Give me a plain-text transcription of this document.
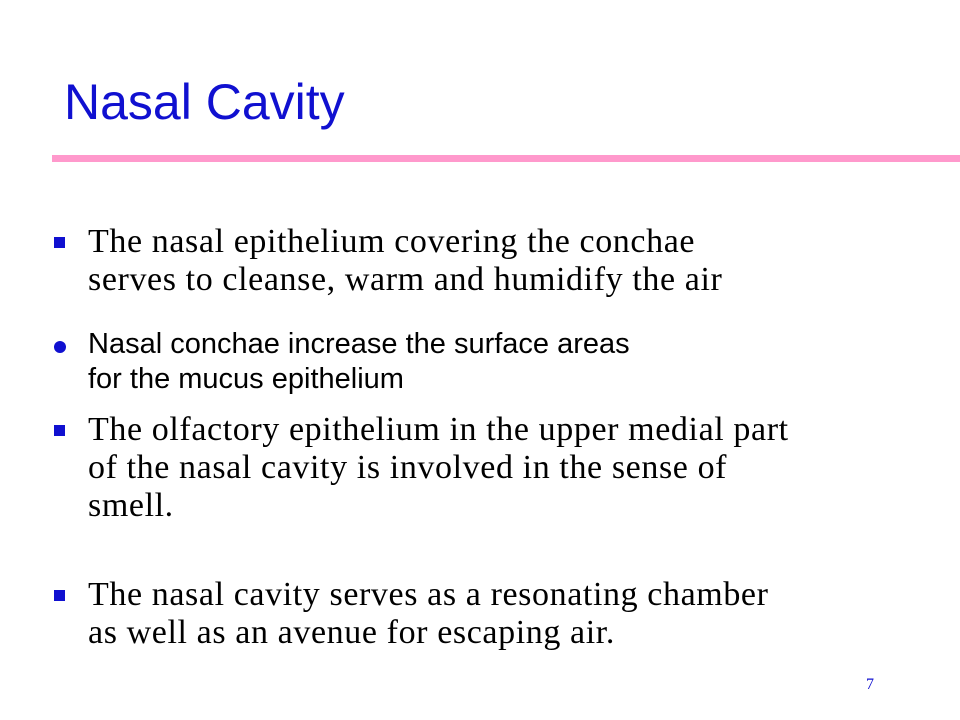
Nasal Cavity
The nasal epithelium covering the conchae
serves to cleanse, warm and humidify the air
Nasal conchae increase the surface areas
for the mucus epithelium
The olfactory epithelium in the upper medial part
of the nasal cavity is involved in the sense of
smell.
The nasal cavity serves as a resonating chamber
as well as an avenue for escaping air.
7
